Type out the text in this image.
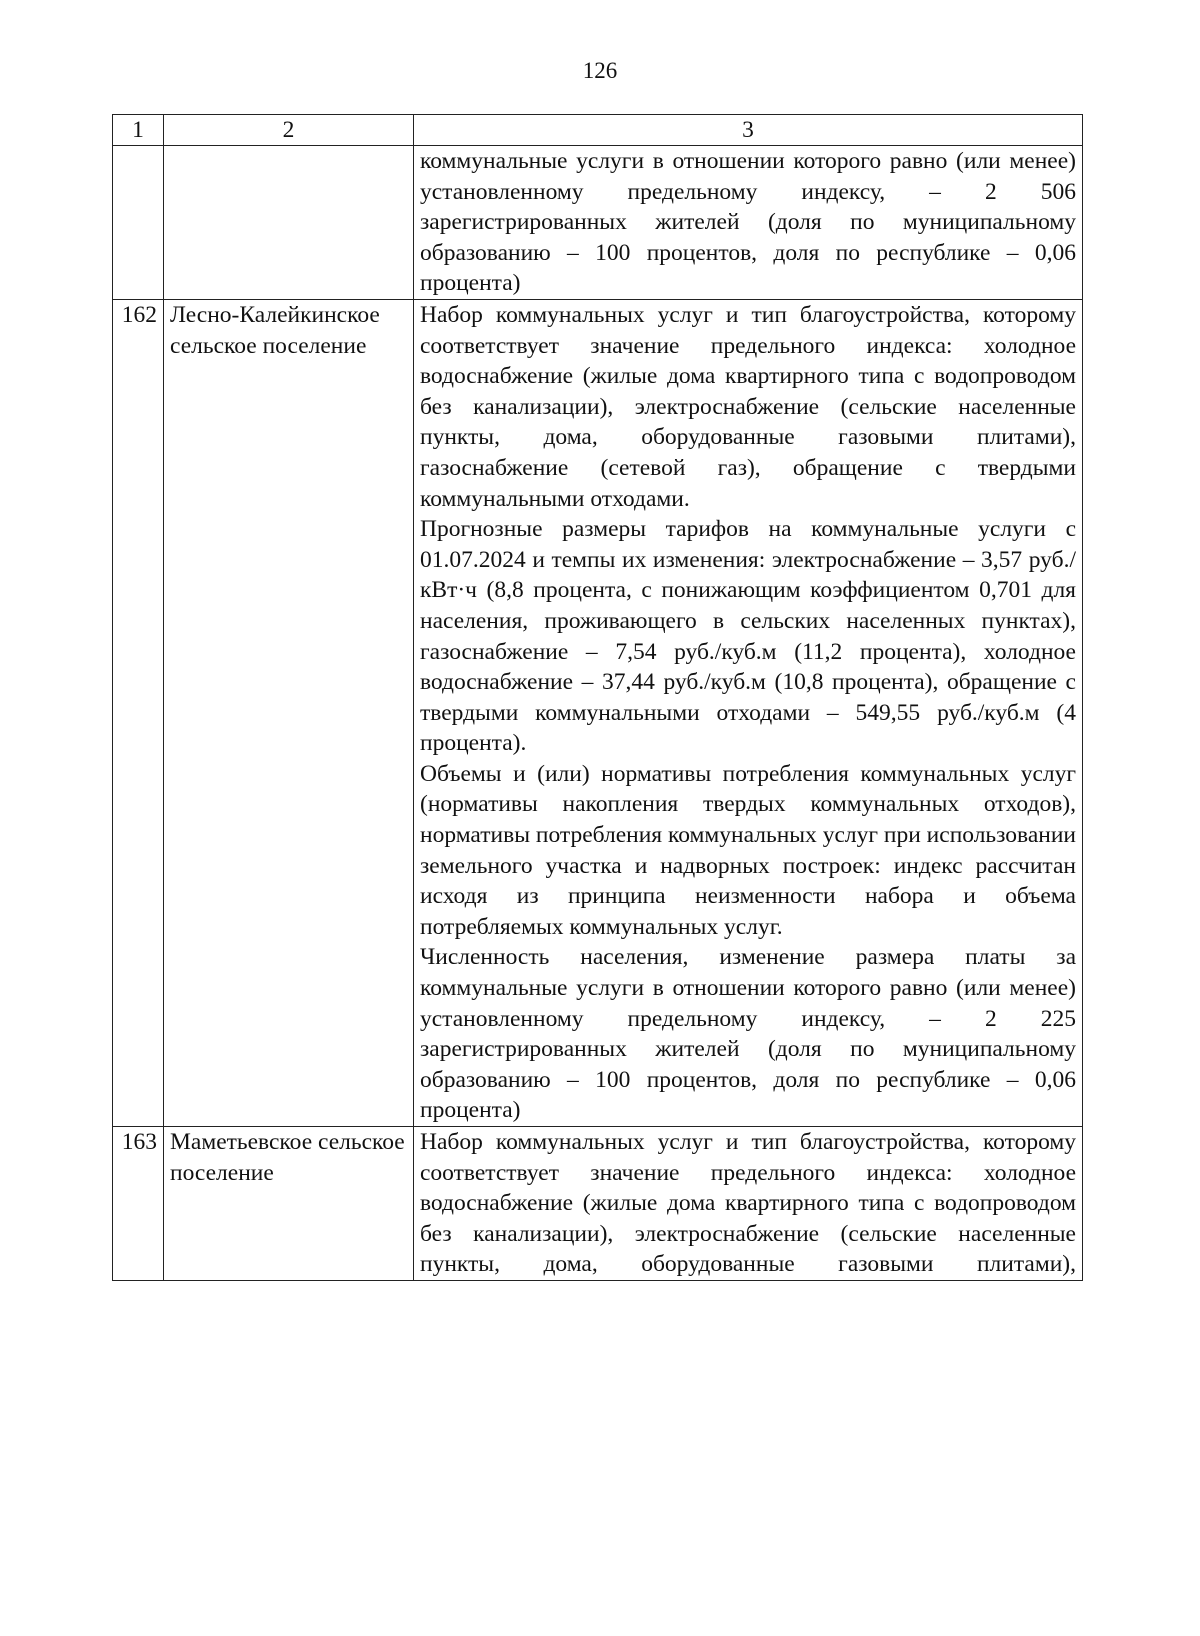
126
1	2	3

		коммунальные услуги в отношении которого равно (или менее) установленному предельному индексу, – 2 506 зарегистрированных жителей (доля по муниципальному образованию – 100 процентов, доля по республике – 0,06 процента)

162	Лесно-Калейкинское сельское поселение	Набор коммунальных услуг и тип благоустройства, которому соответствует значение предельного индекса: холодное водоснабжение (жилые дома квартирного типа с водопроводом без канализации), электроснабжение (сельские населенные пункты, дома, оборудованные газовыми плитами), газоснабжение (сетевой газ), обращение с твердыми коммунальными отходами.
Прогнозные размеры тарифов на коммунальные услуги с 01.07.2024 и темпы их изменения: электроснабжение – 3,57 руб./кВт·ч (8,8 процента, с понижающим коэффициентом 0,701 для населения, проживающего в сельских населенных пунктах), газоснабжение – 7,54 руб./куб.м (11,2 процента), холодное водоснабжение – 37,44 руб./куб.м (10,8 процента), обращение с твердыми коммунальными отходами – 549,55 руб./куб.м (4 процента).
Объемы и (или) нормативы потребления коммунальных услуг (нормативы накопления твердых коммунальных отходов), нормативы потребления коммунальных услуг при использовании земельного участка и надворных построек: индекс рассчитан исходя из принципа неизменности набора и объема потребляемых коммунальных услуг.
Численность населения, изменение размера платы за коммунальные услуги в отношении которого равно (или менее) установленному предельному индексу, – 2 225 зарегистрированных жителей (доля по муниципальному образованию – 100 процентов, доля по республике – 0,06 процента)

163	Маметьевское сельское поселение	Набор коммунальных услуг и тип благоустройства, которому соответствует значение предельного индекса: холодное водоснабжение (жилые дома квартирного типа с водопроводом без канализации), электроснабжение (сельские населенные пункты, дома, оборудованные газовыми плитами),
